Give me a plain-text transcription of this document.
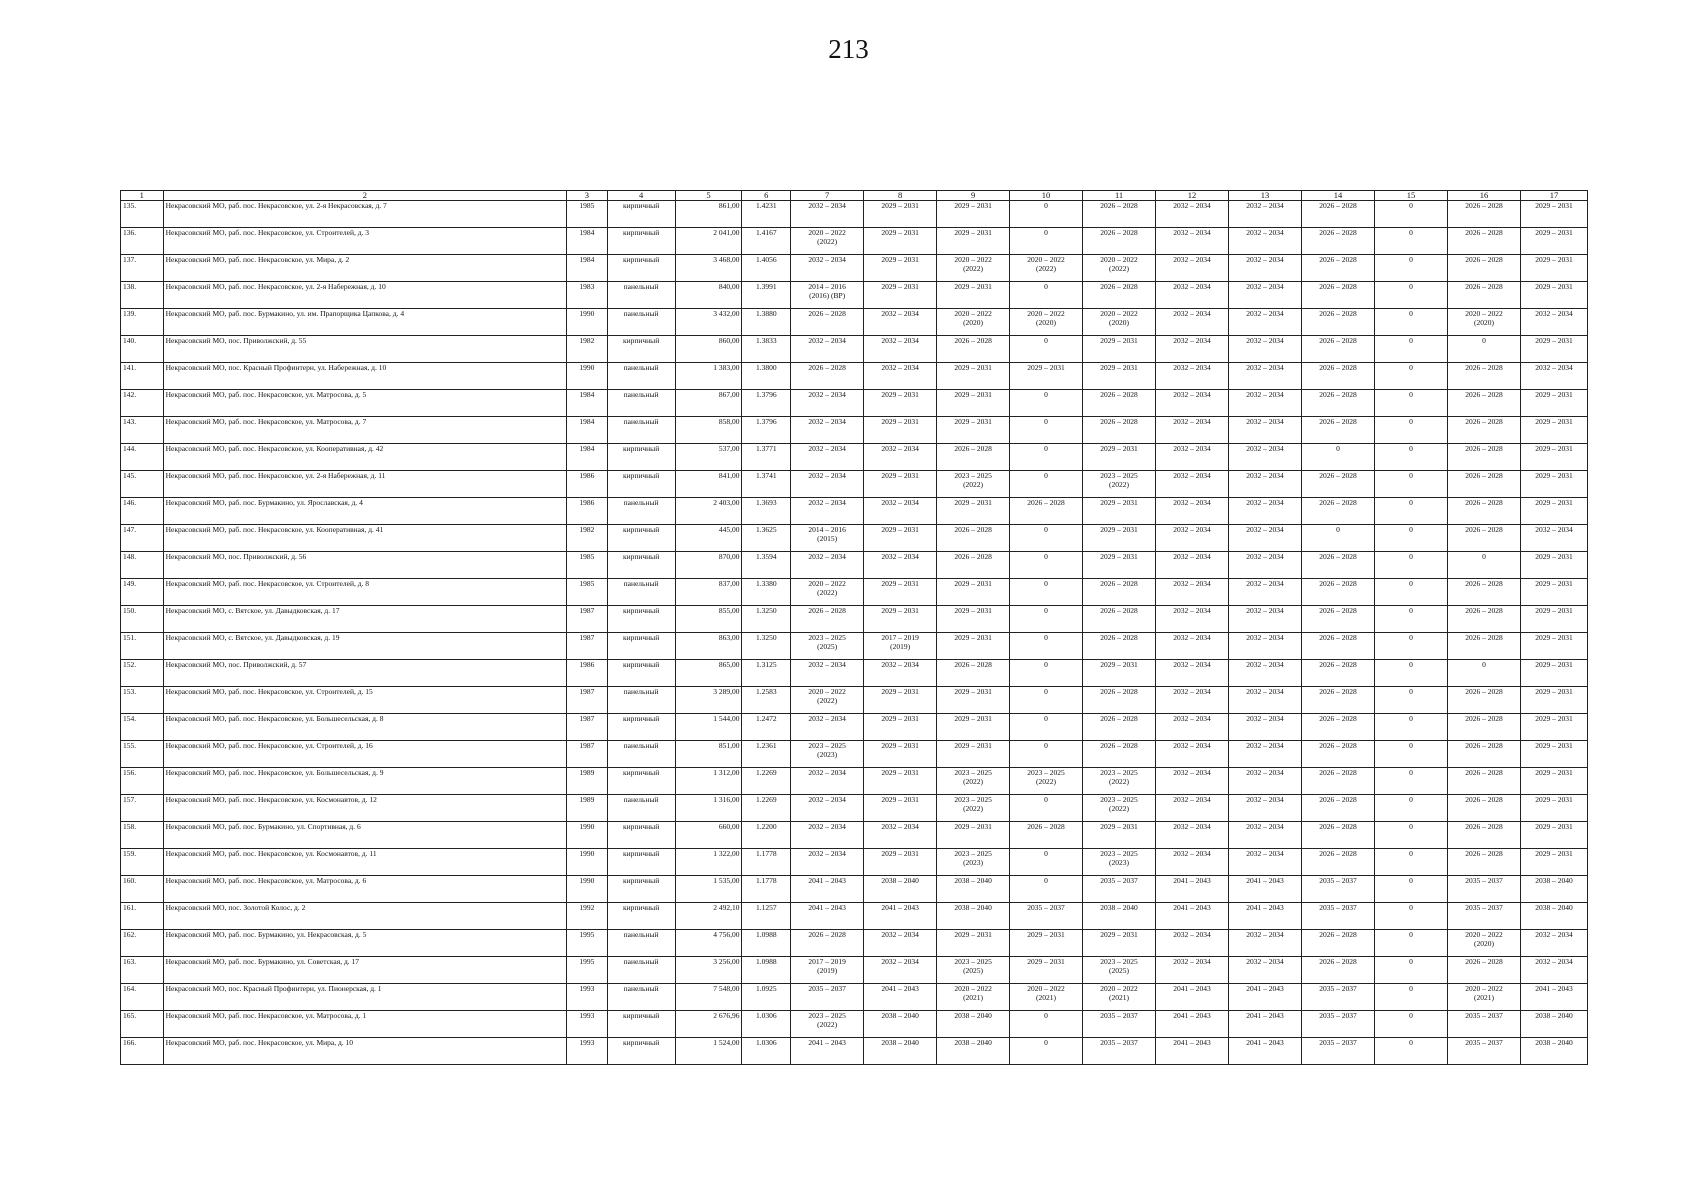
213
1	2	3	4	5	6	7	8	9	10	11	12	13	14	15	16	17
135.	Некрасовский МО, раб. пос. Некрасовское, ул. 2-я Некрасовская, д. 7	1985	кирпичный	861,00	1.4231	2032 – 2034	2029 – 2031	2029 – 2031	0	2026 – 2028	2032 – 2034	2032 – 2034	2026 – 2028	0	2026 – 2028	2029 – 2031

136.	Некрасовский МО, раб. пос. Некрасовское, ул. Строителей, д. 3	1984	кирпичный	2 041,00	1.4167	2020 – 2022
(2022)	2029 – 2031	2029 – 2031	0	2026 – 2028	2032 – 2034	2032 – 2034	2026 – 2028	0	2026 – 2028	2029 – 2031

137.	Некрасовский МО, раб. пос. Некрасовское, ул. Мира, д. 2	1984	кирпичный	3 468,00	1.4056	2032 – 2034	2029 – 2031	2020 – 2022
(2022)	2020 – 2022
(2022)	2020 – 2022
(2022)	2032 – 2034	2032 – 2034	2026 – 2028	0	2026 – 2028	2029 – 2031

138.	Некрасовский МО, раб. пос. Некрасовское, ул. 2-я Набережная, д. 10	1983	панельный	840,00	1.3991	2014 – 2016
(2016) (ВР)	2029 – 2031	2029 – 2031	0	2026 – 2028	2032 – 2034	2032 – 2034	2026 – 2028	0	2026 – 2028	2029 – 2031

139.	Некрасовский МО, раб. пос. Бурмакино, ул. им. Прапорщика Цапкова, д. 4	1990	панельный	3 432,00	1.3880	2026 – 2028	2032 – 2034	2020 – 2022
(2020)	2020 – 2022
(2020)	2020 – 2022
(2020)	2032 – 2034	2032 – 2034	2026 – 2028	0	2020 – 2022
(2020)	2032 – 2034

140.	Некрасовский МО, пос. Приволжский, д. 55	1982	кирпичный	860,00	1.3833	2032 – 2034	2032 – 2034	2026 – 2028	0	2029 – 2031	2032 – 2034	2032 – 2034	2026 – 2028	0	0	2029 – 2031

141.	Некрасовский МО, пос. Красный Профинтерн, ул. Набережная, д. 10	1990	панельный	1 383,00	1.3800	2026 – 2028	2032 – 2034	2029 – 2031	2029 – 2031	2029 – 2031	2032 – 2034	2032 – 2034	2026 – 2028	0	2026 – 2028	2032 – 2034

142.	Некрасовский МО, раб. пос. Некрасовское, ул. Матросова, д. 5	1984	панельный	867,00	1.3796	2032 – 2034	2029 – 2031	2029 – 2031	0	2026 – 2028	2032 – 2034	2032 – 2034	2026 – 2028	0	2026 – 2028	2029 – 2031

143.	Некрасовский МО, раб. пос. Некрасовское, ул. Матросова, д. 7	1984	панельный	858,00	1.3796	2032 – 2034	2029 – 2031	2029 – 2031	0	2026 – 2028	2032 – 2034	2032 – 2034	2026 – 2028	0	2026 – 2028	2029 – 2031

144.	Некрасовский МО, раб. пос. Некрасовское, ул. Кооперативная, д. 42	1984	кирпичный	537,00	1.3771	2032 – 2034	2032 – 2034	2026 – 2028	0	2029 – 2031	2032 – 2034	2032 – 2034	0	0	2026 – 2028	2029 – 2031

145.	Некрасовский МО, раб. пос. Некрасовское, ул. 2-я Набережная, д. 11	1986	кирпичный	841,00	1.3741	2032 – 2034	2029 – 2031	2023 – 2025
(2022)	0	2023 – 2025
(2022)	2032 – 2034	2032 – 2034	2026 – 2028	0	2026 – 2028	2029 – 2031

146.	Некрасовский МО, раб. пос. Бурмакино, ул. Ярославская, д. 4	1986	панельный	2 403,00	1.3693	2032 – 2034	2032 – 2034	2029 – 2031	2026 – 2028	2029 – 2031	2032 – 2034	2032 – 2034	2026 – 2028	0	2026 – 2028	2029 – 2031

147.	Некрасовский МО, раб. пос. Некрасовское, ул. Кооперативная, д. 41	1982	кирпичный	445,00	1.3625	2014 – 2016
(2015)	2029 – 2031	2026 – 2028	0	2029 – 2031	2032 – 2034	2032 – 2034	0	0	2026 – 2028	2032 – 2034

148.	Некрасовский МО, пос. Приволжский, д. 56	1985	кирпичный	870,00	1.3594	2032 – 2034	2032 – 2034	2026 – 2028	0	2029 – 2031	2032 – 2034	2032 – 2034	2026 – 2028	0	0	2029 – 2031

149.	Некрасовский МО, раб. пос. Некрасовское, ул. Строителей, д. 8	1985	панельный	837,00	1.3380	2020 – 2022
(2022)	2029 – 2031	2029 – 2031	0	2026 – 2028	2032 – 2034	2032 – 2034	2026 – 2028	0	2026 – 2028	2029 – 2031

150.	Некрасовский МО, с. Вятское, ул. Давыдковская, д. 17	1987	кирпичный	855,00	1.3250	2026 – 2028	2029 – 2031	2029 – 2031	0	2026 – 2028	2032 – 2034	2032 – 2034	2026 – 2028	0	2026 – 2028	2029 – 2031

151.	Некрасовский МО, с. Вятское, ул. Давыдковская, д. 19	1987	кирпичный	863,00	1.3250	2023 – 2025
(2025)	2017 – 2019
(2019)	2029 – 2031	0	2026 – 2028	2032 – 2034	2032 – 2034	2026 – 2028	0	2026 – 2028	2029 – 2031

152.	Некрасовский МО, пос. Приволжский, д. 57	1986	кирпичный	865,00	1.3125	2032 – 2034	2032 – 2034	2026 – 2028	0	2029 – 2031	2032 – 2034	2032 – 2034	2026 – 2028	0	0	2029 – 2031

153.	Некрасовский МО, раб. пос. Некрасовское, ул. Строителей, д. 15	1987	панельный	3 289,00	1.2583	2020 – 2022
(2022)	2029 – 2031	2029 – 2031	0	2026 – 2028	2032 – 2034	2032 – 2034	2026 – 2028	0	2026 – 2028	2029 – 2031

154.	Некрасовский МО, раб. пос. Некрасовское, ул. Большесельская, д. 8	1987	кирпичный	1 544,00	1.2472	2032 – 2034	2029 – 2031	2029 – 2031	0	2026 – 2028	2032 – 2034	2032 – 2034	2026 – 2028	0	2026 – 2028	2029 – 2031

155.	Некрасовский МО, раб. пос. Некрасовское, ул. Строителей, д. 16	1987	панельный	851,00	1.2361	2023 – 2025
(2023)	2029 – 2031	2029 – 2031	0	2026 – 2028	2032 – 2034	2032 – 2034	2026 – 2028	0	2026 – 2028	2029 – 2031

156.	Некрасовский МО, раб. пос. Некрасовское, ул. Большесельская, д. 9	1989	кирпичный	1 312,00	1.2269	2032 – 2034	2029 – 2031	2023 – 2025
(2022)	2023 – 2025
(2022)	2023 – 2025
(2022)	2032 – 2034	2032 – 2034	2026 – 2028	0	2026 – 2028	2029 – 2031

157.	Некрасовский МО, раб. пос. Некрасовское, ул. Космонавтов, д. 12	1989	панельный	1 316,00	1.2269	2032 – 2034	2029 – 2031	2023 – 2025
(2022)	0	2023 – 2025
(2022)	2032 – 2034	2032 – 2034	2026 – 2028	0	2026 – 2028	2029 – 2031

158.	Некрасовский МО, раб. пос. Бурмакино, ул. Спортивная, д. 6	1990	кирпичный	660,00	1.2200	2032 – 2034	2032 – 2034	2029 – 2031	2026 – 2028	2029 – 2031	2032 – 2034	2032 – 2034	2026 – 2028	0	2026 – 2028	2029 – 2031

159.	Некрасовский МО, раб. пос. Некрасовское, ул. Космонавтов, д. 11	1990	кирпичный	1 322,00	1.1778	2032 – 2034	2029 – 2031	2023 – 2025
(2023)	0	2023 – 2025
(2023)	2032 – 2034	2032 – 2034	2026 – 2028	0	2026 – 2028	2029 – 2031

160.	Некрасовский МО, раб. пос. Некрасовское, ул. Матросова, д. 6	1990	кирпичный	1 535,00	1.1778	2041 – 2043	2038 – 2040	2038 – 2040	0	2035 – 2037	2041 – 2043	2041 – 2043	2035 – 2037	0	2035 – 2037	2038 – 2040

161.	Некрасовский МО, пос. Золотой Колос, д. 2	1992	кирпичный	2 492,10	1.1257	2041 – 2043	2041 – 2043	2038 – 2040	2035 – 2037	2038 – 2040	2041 – 2043	2041 – 2043	2035 – 2037	0	2035 – 2037	2038 – 2040

162.	Некрасовский МО, раб. пос. Бурмакино, ул. Некрасовская, д. 5	1995	панельный	4 756,00	1.0988	2026 – 2028	2032 – 2034	2029 – 2031	2029 – 2031	2029 – 2031	2032 – 2034	2032 – 2034	2026 – 2028	0	2020 – 2022
(2020)	2032 – 2034

163.	Некрасовский МО, раб. пос. Бурмакино, ул. Советская, д. 17	1995	панельный	3 256,00	1.0988	2017 – 2019
(2019)	2032 – 2034	2023 – 2025
(2025)	2029 – 2031	2023 – 2025
(2025)	2032 – 2034	2032 – 2034	2026 – 2028	0	2026 – 2028	2032 – 2034

164.	Некрасовский МО, пос. Красный Профинтерн, ул. Пионерская, д. 1	1993	панельный	7 548,00	1.0925	2035 – 2037	2041 – 2043	2020 – 2022
(2021)	2020 – 2022
(2021)	2020 – 2022
(2021)	2041 – 2043	2041 – 2043	2035 – 2037	0	2020 – 2022
(2021)	2041 – 2043

165.	Некрасовский МО, раб. пос. Некрасовское, ул. Матросова, д. 1	1993	кирпичный	2 676,96	1.0306	2023 – 2025
(2022)	2038 – 2040	2038 – 2040	0	2035 – 2037	2041 – 2043	2041 – 2043	2035 – 2037	0	2035 – 2037	2038 – 2040

166.	Некрасовский МО, раб. пос. Некрасовское, ул. Мира, д. 10	1993	кирпичный	1 524,00	1.0306	2041 – 2043	2038 – 2040	2038 – 2040	0	2035 – 2037	2041 – 2043	2041 – 2043	2035 – 2037	0	2035 – 2037	2038 – 2040
